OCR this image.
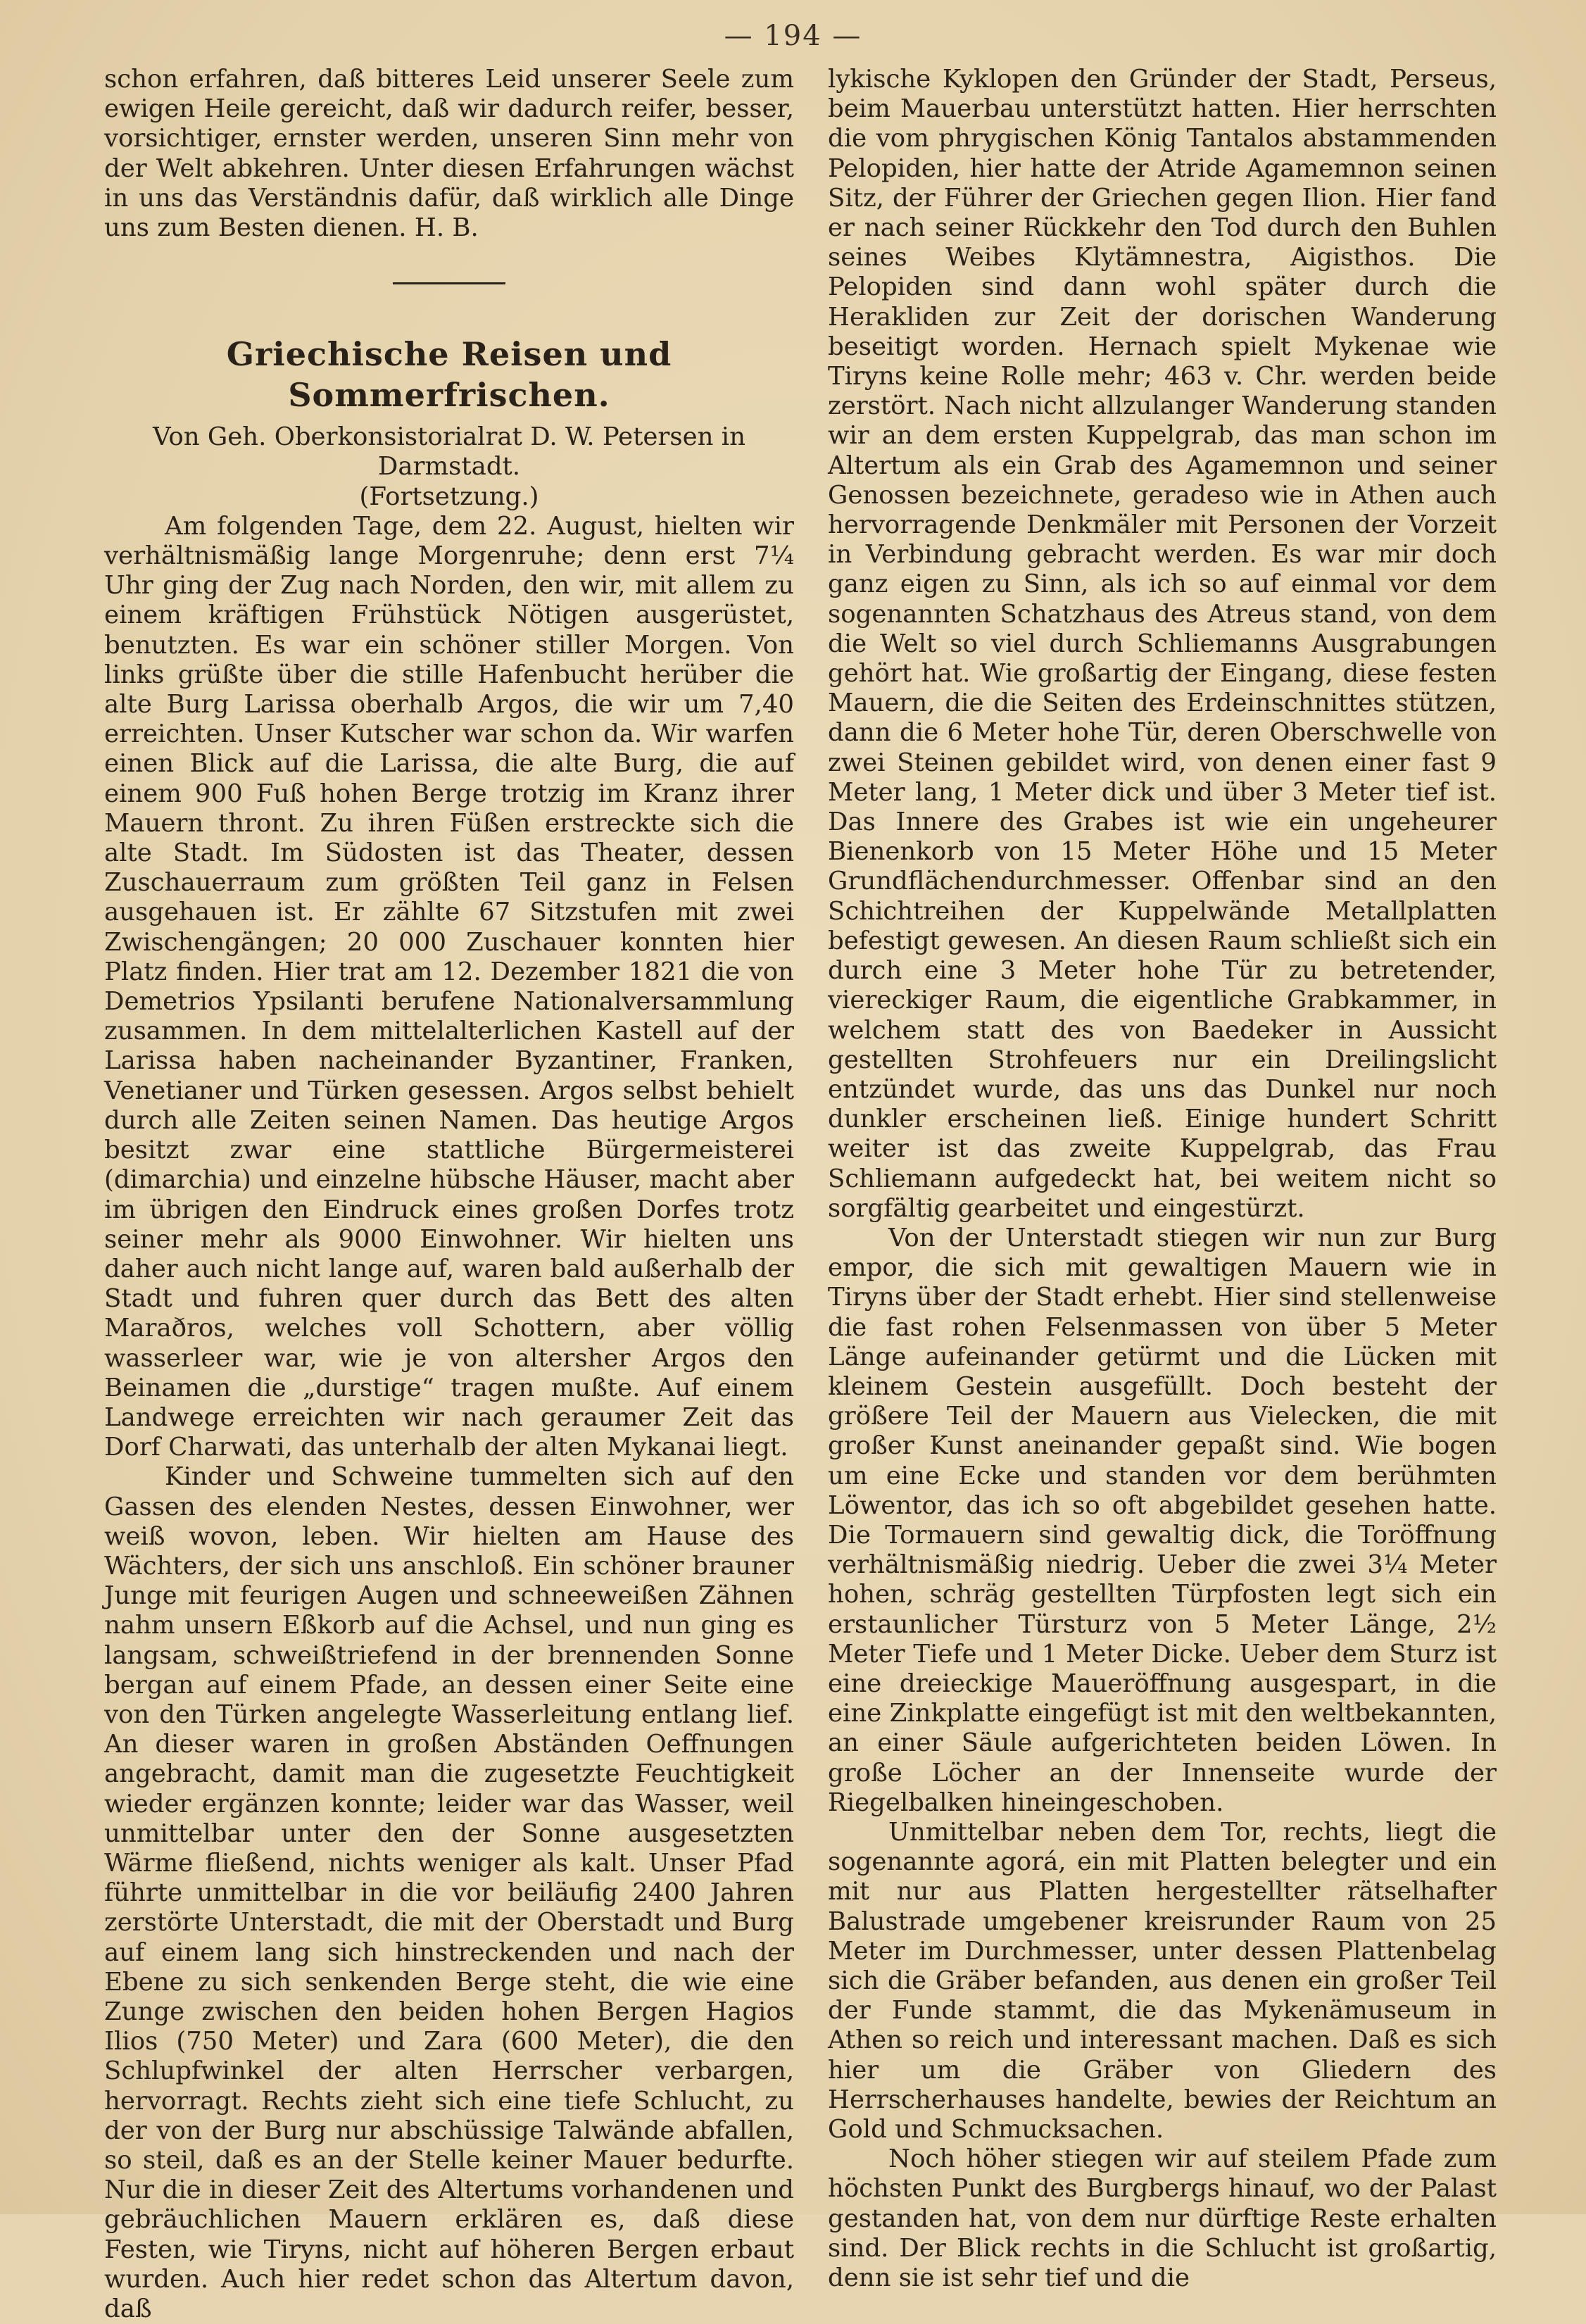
— 194 —

schon erfahren, daß bitteres Leid unserer Seele zum ewigen Heile gereicht, daß wir dadurch reifer, besser, vorsichtiger, ernster werden, unseren Sinn mehr von der Welt abkehren. Unter diesen Erfahrungen wächst in uns das Verständnis dafür, daß wirklich alle Dinge uns zum Besten dienen. H. B.

Griechische Reisen und Sommerfrischen.

Von Geh. Oberkonsistorialrat D. W. Petersen in Darmstadt.

(Fortsetzung.)

Am folgenden Tage, dem 22. August, hielten wir verhältnismäßig lange Morgenruhe; denn erst 7¼ Uhr ging der Zug nach Norden, den wir, mit allem zu einem kräftigen Frühstück Nötigen ausgerüstet, benutzten. Es war ein schöner stiller Morgen. Von links grüßte über die stille Hafenbucht herüber die alte Burg Larissa oberhalb Argos, die wir um 7,40 erreichten. Unser Kutscher war schon da. Wir warfen einen Blick auf die Larissa, die alte Burg, die auf einem 900 Fuß hohen Berge trotzig im Kranz ihrer Mauern thront. Zu ihren Füßen erstreckte sich die alte Stadt. Im Südosten ist das Theater, dessen Zuschauerraum zum größten Teil ganz in Felsen ausgehauen ist. Er zählte 67 Sitzstufen mit zwei Zwischengängen; 20 000 Zuschauer konnten hier Platz finden. Hier trat am 12. Dezember 1821 die von Demetrios Ypsilanti berufene Nationalversammlung zusammen. In dem mittelalterlichen Kastell auf der Larissa haben nacheinander Byzantiner, Franken, Venetianer und Türken gesessen. Argos selbst behielt durch alle Zeiten seinen Namen. Das heutige Argos besitzt zwar eine stattliche Bürgermeisterei (dimarchia) und einzelne hübsche Häuser, macht aber im übrigen den Eindruck eines großen Dorfes trotz seiner mehr als 9000 Einwohner. Wir hielten uns daher auch nicht lange auf, waren bald außerhalb der Stadt und fuhren quer durch das Bett des alten Maraðros, welches voll Schottern, aber völlig wasserleer war, wie je von altersher Argos den Beinamen die „durstige“ tragen mußte. Auf einem Landwege erreichten wir nach geraumer Zeit das Dorf Charwati, das unterhalb der alten Mykanai liegt.

Kinder und Schweine tummelten sich auf den Gassen des elenden Nestes, dessen Einwohner, wer weiß wovon, leben. Wir hielten am Hause des Wächters, der sich uns anschloß. Ein schöner brauner Junge mit feurigen Augen und schneeweißen Zähnen nahm unsern Eßkorb auf die Achsel, und nun ging es langsam, schweißtriefend in der brennenden Sonne bergan auf einem Pfade, an dessen einer Seite eine von den Türken angelegte Wasserleitung entlang lief. An dieser waren in großen Abständen Oeffnungen angebracht, damit man die zugesetzte Feuchtigkeit wieder ergänzen konnte; leider war das Wasser, weil unmittelbar unter den der Sonne ausgesetzten Wärme fließend, nichts weniger als kalt. Unser Pfad führte unmittelbar in die vor beiläufig 2400 Jahren zerstörte Unterstadt, die mit der Oberstadt und Burg auf einem lang sich hinstreckenden und nach der Ebene zu sich senkenden Berge steht, die wie eine Zunge zwischen den beiden hohen Bergen Hagios Ilios (750 Meter) und Zara (600 Meter), die den Schlupfwinkel der alten Herrscher verbargen, hervorragt. Rechts zieht sich eine tiefe Schlucht, zu der von der Burg nur abschüssige Talwände abfallen, so steil, daß es an der Stelle keiner Mauer bedurfte. Nur die in dieser Zeit des Altertums vorhandenen und gebräuchlichen Mauern erklären es, daß diese Festen, wie Tiryns, nicht auf höheren Bergen erbaut wurden. Auch hier redet schon das Altertum davon, daß

lykische Kyklopen den Gründer der Stadt, Perseus, beim Mauerbau unterstützt hatten. Hier herrschten die vom phrygischen König Tantalos abstammenden Pelopiden, hier hatte der Atride Agamemnon seinen Sitz, der Führer der Griechen gegen Ilion. Hier fand er nach seiner Rückkehr den Tod durch den Buhlen seines Weibes Klytämnestra, Aigisthos. Die Pelopiden sind dann wohl später durch die Herakliden zur Zeit der dorischen Wanderung beseitigt worden. Hernach spielt Mykenae wie Tiryns keine Rolle mehr; 463 v. Chr. werden beide zerstört. Nach nicht allzulanger Wanderung standen wir an dem ersten Kuppelgrab, das man schon im Altertum als ein Grab des Agamemnon und seiner Genossen bezeichnete, geradeso wie in Athen auch hervorragende Denkmäler mit Personen der Vorzeit in Verbindung gebracht werden. Es war mir doch ganz eigen zu Sinn, als ich so auf einmal vor dem sogenannten Schatzhaus des Atreus stand, von dem die Welt so viel durch Schliemanns Ausgrabungen gehört hat. Wie großartig der Eingang, diese festen Mauern, die die Seiten des Erdeinschnittes stützen, dann die 6 Meter hohe Tür, deren Oberschwelle von zwei Steinen gebildet wird, von denen einer fast 9 Meter lang, 1 Meter dick und über 3 Meter tief ist. Das Innere des Grabes ist wie ein ungeheurer Bienenkorb von 15 Meter Höhe und 15 Meter Grundflächendurchmesser. Offenbar sind an den Schichtreihen der Kuppelwände Metallplatten befestigt gewesen. An diesen Raum schließt sich ein durch eine 3 Meter hohe Tür zu betretender, viereckiger Raum, die eigentliche Grabkammer, in welchem statt des von Baedeker in Aussicht gestellten Strohfeuers nur ein Dreilingslicht entzündet wurde, das uns das Dunkel nur noch dunkler erscheinen ließ. Einige hundert Schritt weiter ist das zweite Kuppelgrab, das Frau Schliemann aufgedeckt hat, bei weitem nicht so sorgfältig gearbeitet und eingestürzt.

Von der Unterstadt stiegen wir nun zur Burg empor, die sich mit gewaltigen Mauern wie in Tiryns über der Stadt erhebt. Hier sind stellenweise die fast rohen Felsenmassen von über 5 Meter Länge aufeinander getürmt und die Lücken mit kleinem Gestein ausgefüllt. Doch besteht der größere Teil der Mauern aus Vielecken, die mit großer Kunst aneinander gepaßt sind. Wie bogen um eine Ecke und standen vor dem berühmten Löwentor, das ich so oft abgebildet gesehen hatte. Die Tormauern sind gewaltig dick, die Toröffnung verhältnismäßig niedrig. Ueber die zwei 3¼ Meter hohen, schräg gestellten Türpfosten legt sich ein erstaunlicher Türsturz von 5 Meter Länge, 2½ Meter Tiefe und 1 Meter Dicke. Ueber dem Sturz ist eine dreieckige Maueröffnung ausgespart, in die eine Zinkplatte eingefügt ist mit den weltbekannten, an einer Säule aufgerichteten beiden Löwen. In große Löcher an der Innenseite wurde der Riegelbalken hineingeschoben.

Unmittelbar neben dem Tor, rechts, liegt die sogenannte agorá, ein mit Platten belegter und ein mit nur aus Platten hergestellter rätselhafter Balustrade umgebener kreisrunder Raum von 25 Meter im Durchmesser, unter dessen Plattenbelag sich die Gräber befanden, aus denen ein großer Teil der Funde stammt, die das Mykenämuseum in Athen so reich und interessant machen. Daß es sich hier um die Gräber von Gliedern des Herrscherhauses handelte, bewies der Reichtum an Gold und Schmucksachen.

Noch höher stiegen wir auf steilem Pfade zum höchsten Punkt des Burgbergs hinauf, wo der Palast gestanden hat, von dem nur dürftige Reste erhalten sind. Der Blick rechts in die Schlucht ist großartig, denn sie ist sehr tief und die
